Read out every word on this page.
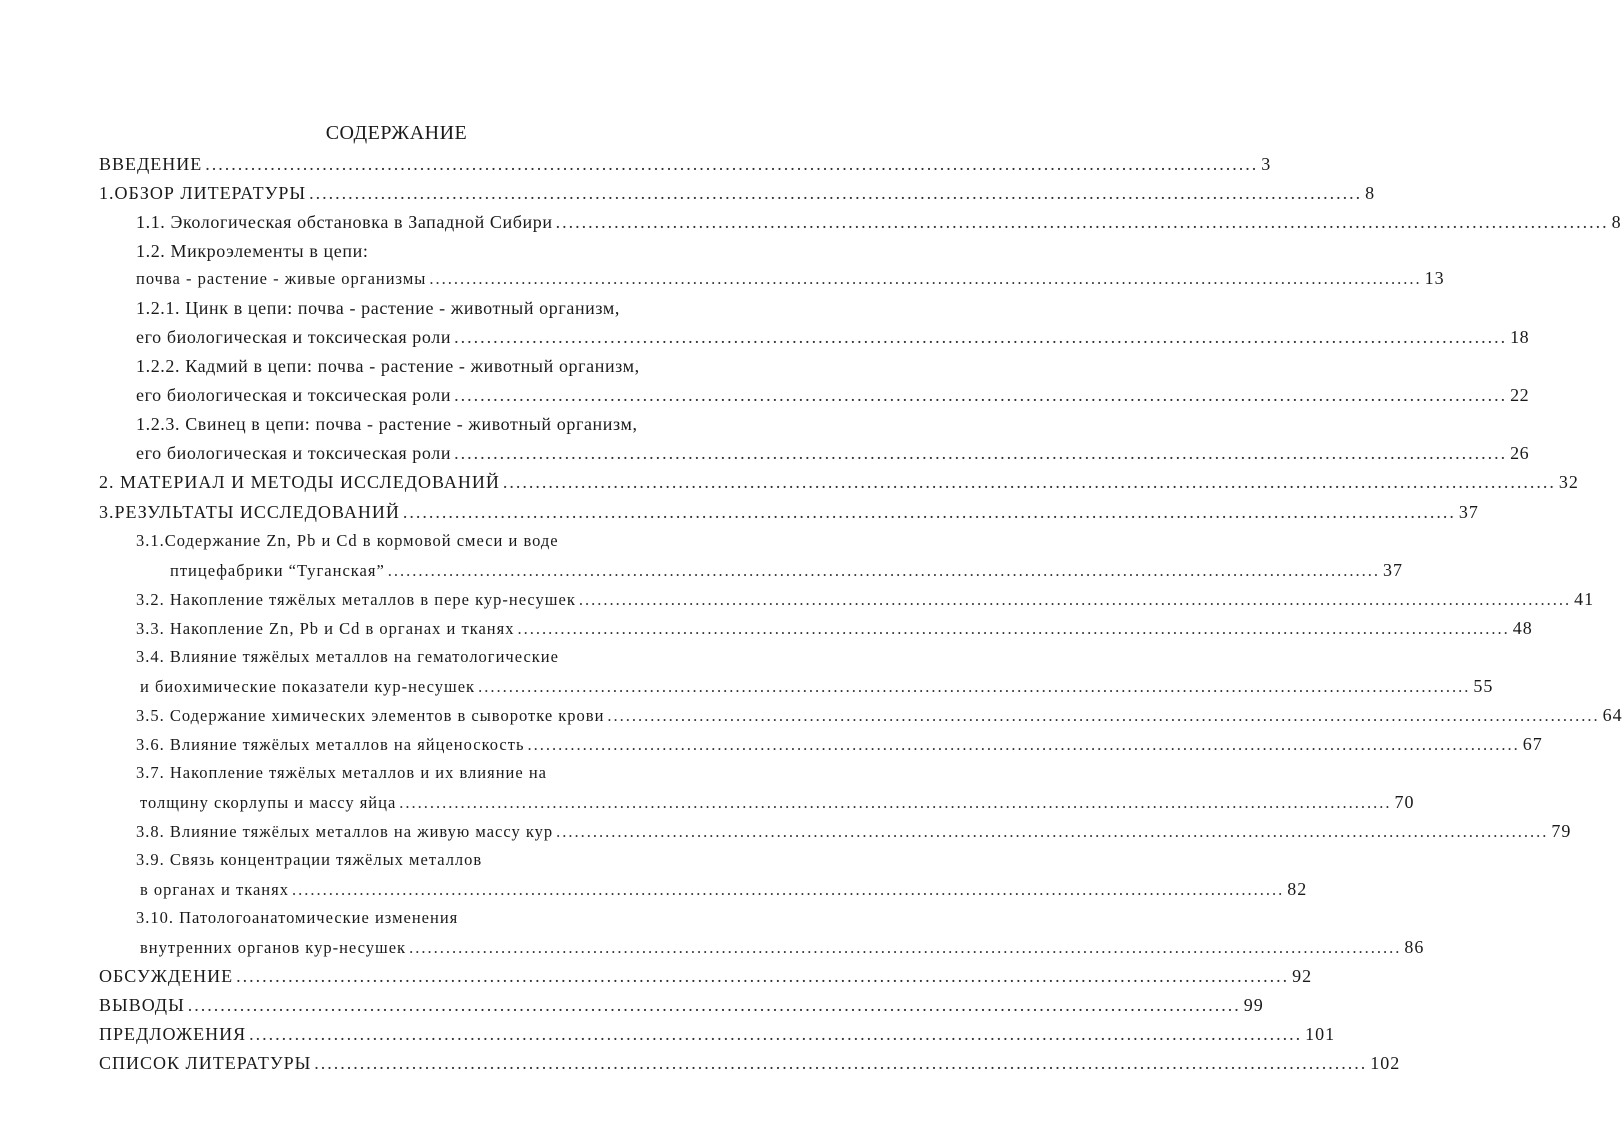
СОДЕРЖАНИЕ
ВВЕДЕНИЕ .................................................................................................................................................................. 3
1.ОБЗОР ЛИТЕРАТУРЫ .................................................................................................................................................................. 8
1.1. Экологическая обстановка в Западной Сибири .................................................................................................................................................................. 8
1.2. Микроэлементы в цепи:
почва - растение - живые организмы .................................................................................................................................................................. 13
1.2.1. Цинк в цепи: почва - растение - животный организм,
его биологическая и токсическая роли .................................................................................................................................................................. 18
1.2.2. Кадмий в цепи: почва - растение - животный организм,
его биологическая и токсическая роли .................................................................................................................................................................. 22
1.2.3. Свинец в цепи: почва - растение - животный организм,
его биологическая и токсическая роли .................................................................................................................................................................. 26
2. МАТЕРИАЛ И МЕТОДЫ ИССЛЕДОВАНИЙ .................................................................................................................................................................. 32
3.РЕЗУЛЬТАТЫ ИССЛЕДОВАНИЙ .................................................................................................................................................................. 37
3.1.Содержание Zn, Pb и Cd в кормовой смеси и воде
птицефабрики “Туганская” .................................................................................................................................................................. 37
3.2. Накопление тяжёлых металлов в пере кур-несушек .................................................................................................................................................................. 41
3.3. Накопление Zn, Pb и Cd в органах и тканях .................................................................................................................................................................. 48
3.4. Влияние тяжёлых металлов на гематологические
и биохимические показатели кур-несушек .................................................................................................................................................................. 55
3.5. Содержание химических элементов в сыворотке крови .................................................................................................................................................................. 64
3.6. Влияние тяжёлых металлов на яйценоскость .................................................................................................................................................................. 67
3.7. Накопление тяжёлых металлов и их влияние на
толщину скорлупы и массу яйца .................................................................................................................................................................. 70
3.8. Влияние тяжёлых металлов на живую массу кур .................................................................................................................................................................. 79
3.9. Связь концентрации тяжёлых металлов
в органах и тканях .................................................................................................................................................................. 82
3.10. Патологоанатомические изменения
внутренних органов кур-несушек .................................................................................................................................................................. 86
ОБСУЖДЕНИЕ .................................................................................................................................................................. 92
ВЫВОДЫ .................................................................................................................................................................. 99
ПРЕДЛОЖЕНИЯ .................................................................................................................................................................. 101
СПИСОК ЛИТЕРАТУРЫ .................................................................................................................................................................. 102
